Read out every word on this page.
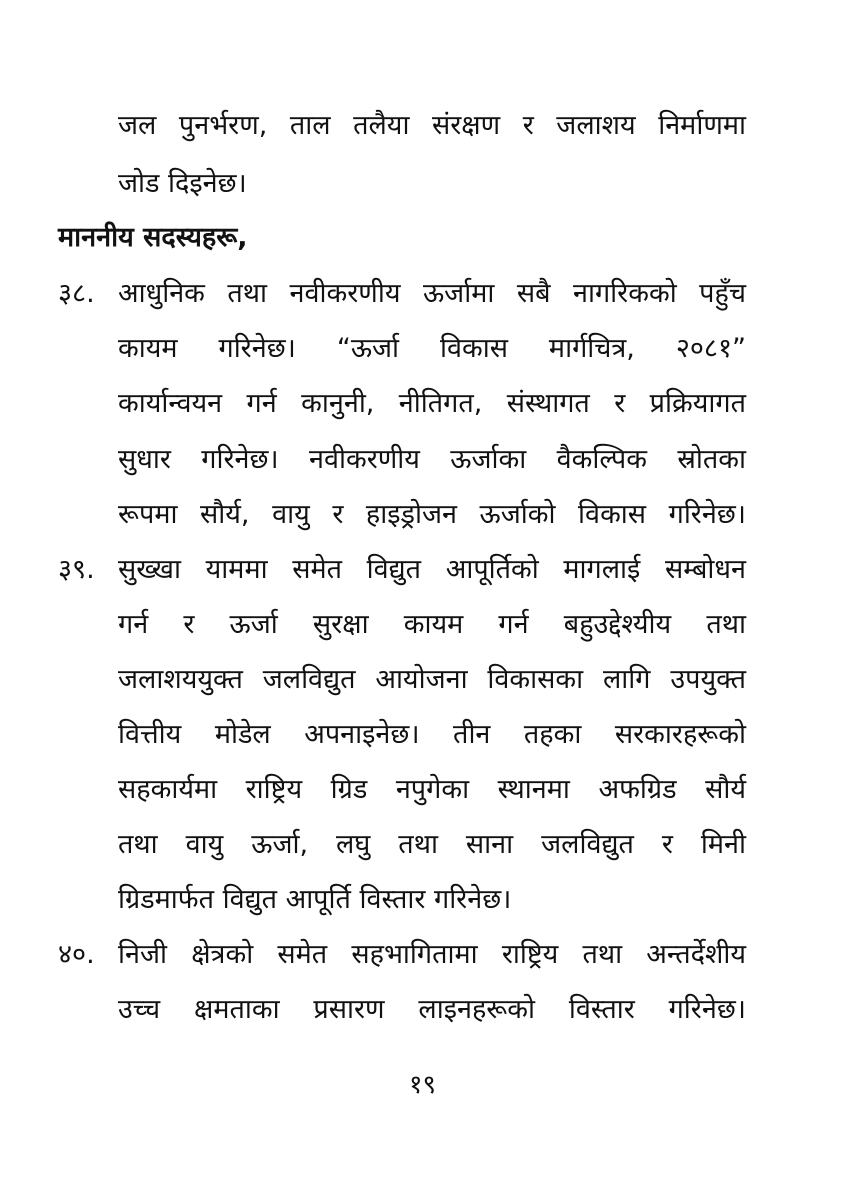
जल पुनर्भरण, ताल तलैया संरक्षण र जलाशय निर्माणमा
जोड दिइनेछ।
माननीय सदस्यहरू,
३८. आधुनिक तथा नवीकरणीय ऊर्जामा सबै नागरिकको पहुँच
कायम गरिनेछ। “ऊर्जा विकास मार्गचित्र, २०८१”
कार्यान्वयन गर्न कानुनी, नीतिगत, संस्थागत र प्रक्रियागत
सुधार गरिनेछ। नवीकरणीय ऊर्जाका वैकल्पिक स्रोतका
रूपमा सौर्य, वायु र हाइड्रोजन ऊर्जाको विकास गरिनेछ।
३९. सुख्खा याममा समेत विद्युत आपूर्तिको मागलाई सम्बोधन
गर्न र ऊर्जा सुरक्षा कायम गर्न बहुउद्देश्यीय तथा
जलाशययुक्त जलविद्युत आयोजना विकासका लागि उपयुक्त
वित्तीय मोडेल अपनाइनेछ। तीन तहका सरकारहरूको
सहकार्यमा राष्ट्रिय ग्रिड नपुगेका स्थानमा अफग्रिड सौर्य
तथा वायु ऊर्जा, लघु तथा साना जलविद्युत र मिनी
ग्रिडमार्फत विद्युत आपूर्ति विस्तार गरिनेछ।
४०. निजी क्षेत्रको समेत सहभागितामा राष्ट्रिय तथा अन्तर्देशीय
उच्च क्षमताका प्रसारण लाइनहरूको विस्तार गरिनेछ।
१९
